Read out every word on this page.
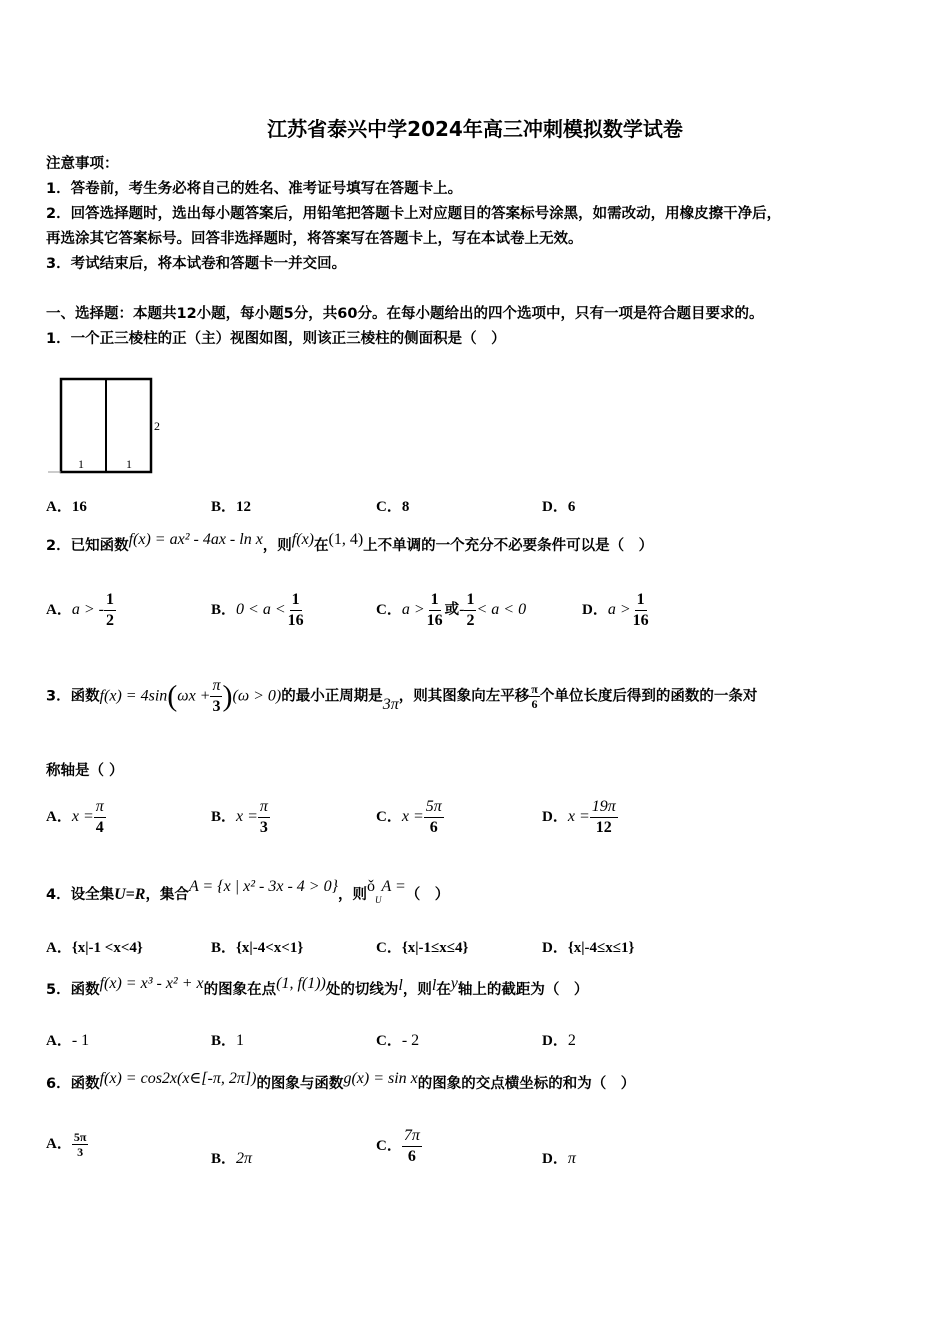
江苏省泰兴中学2024年高三冲刺模拟数学试卷
注意事项：
1．答卷前，考生务必将自己的姓名、准考证号填写在答题卡上。
2．回答选择题时，选出每小题答案后，用铅笔把答题卡上对应题目的答案标号涂黑，如需改动，用橡皮擦干净后，
再选涂其它答案标号。回答非选择题时，将答案写在答题卡上，写在本试卷上无效。
3．考试结束后，将本试卷和答题卡一并交回。
一、选择题：本题共12小题，每小题5分，共60分。在每小题给出的四个选项中，只有一项是符合题目要求的。
1．一个正三棱柱的正（主）视图如图，则该正三棱柱的侧面积是（　）
2
1	1
A．16	B．12	C．8	D．6
2．已知函数f(x) = ax² - 4ax - ln x，则f(x)在(1, 4)上不单调的一个充分不必要条件可以是（　）
A．a > - $\frac{1}{2}$	B．$0 < a < \frac{1}{16}$	C．$a > \frac{1}{16}$ 或- $\frac{1}{2} < a < 0$	D．$a > \frac{1}{16}$
3．函数$f(x) = 4\sin(\omega x + \frac{\pi}{3} )(\omega > 0)$的最小正周期是3π，则其图象向左平移 $\frac{\pi}{6}$ 个单位长度后得到的函数的一条对
称轴是（ ）
A．$x = \frac{\pi}{4}$	B．$x = \frac{\pi}{3}$	C．$x = \frac{5\pi}{6}$	D．$x = \frac{19\pi}{12}$
4．设全集U=R，集合A = {x | x² - 3x - 4 > 0}，则$ǒ_UA$ =（　）
A．{x|-1 <x<4}	B．{x|-4<x<1}	C．{x|-1≤x≤4}	D．{x|-4≤x≤1}
5．函数f(x) = x³ - x² + x的图象在点(1, f(1))处的切线为l，则l在y轴上的截距为（　）
A．- 1	B．1	C．- 2	D．2
6．函数f(x) = cos2x(x∈[-π, 2π])的图象与函数g(x) = sin x的图象的交点横坐标的和为（　）
A． $\frac{5\pi}{3}$	B．2π
C． $\frac{7\pi}{6}$	D．π
